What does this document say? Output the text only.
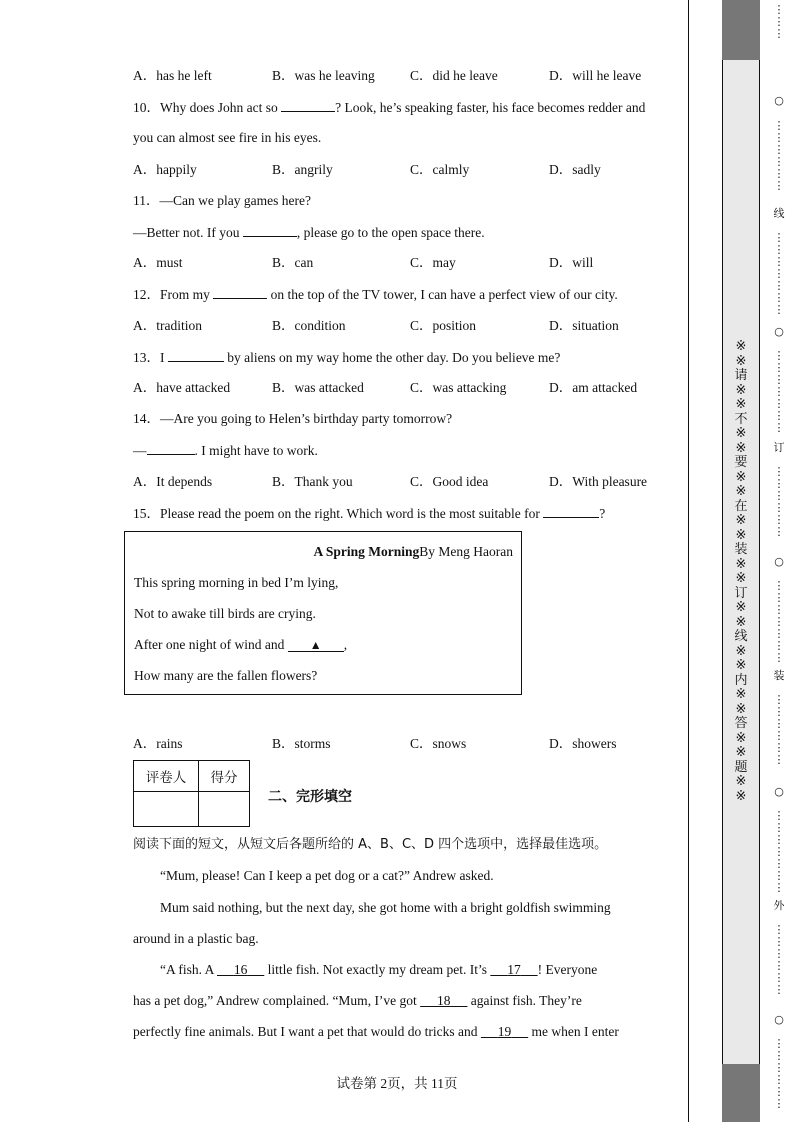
A．has he left	B．was he leaving	C．did he leave	D．will he leave
10．Why does John act so	? Look, he’s speaking faster, his face becomes redder and
you can almost see fire in his eyes.
A．happily	B．angrily	C．calmly	D．sadly
11．—Can we play games here?
—Better not. If you	, please go to the open space there.
A．must	B．can	C．may	D．will
12．From my	on the top of the TV tower, I can have a perfect view of our city.
A．tradition	B．condition	C．position	D．situation
13．I	by aliens on my way home the other day. Do you believe me?
A．have attacked	B．was attacked	C．was attacking	D．am attacked
14．—Are you going to Helen’s birthday party tomorrow?
—	. I might have to work.
A．It depends	B．Thank you	C．Good idea	D．With pleasure
15．Please read the poem on the right. Which word is the most suitable for	?
A Spring MorningBy Meng Haoran
This spring morning in bed I’m lying,
Not to awake till birds are crying.
After one night of wind and ▲ ,
How many are the fallen flowers?
A．rains	B．storms	C．snows	D．showers
评卷人	得分

二、完形填空
阅读下面的短文，从短文后各题所给的 A、B、C、D 四个选项中，选择最佳选项。
“Mum, please! Can I keep a pet dog or a cat?” Andrew asked.
Mum said nothing, but the next day, she got home with a bright goldfish swimming
around in a plastic bag.
“A fish. A      16      little fish. Not exactly my dream pet. It’s      17 ! Everyone
has a pet dog,” Andrew complained. “Mum, I’ve got      18      against fish. They’re
perfectly fine animals. But I want a pet that would do tricks and      19      me when I enter
试卷第 2页，共 11页
※※请※※不※※要※※在※※装※※订※※线※※内※※答※※题※※
⋮
⋮
⋮
○
⋮
⋮
⋮
⋮
⋮
⋮
线
⋮
⋮
⋮
⋮
⋮
⋮
⋮
○
⋮
⋮
⋮
⋮
⋮
⋮
⋮
订
⋮
⋮
⋮
⋮
⋮
⋮
○
⋮
⋮
⋮
⋮
⋮
⋮
⋮
装
⋮
⋮
⋮
⋮
⋮
⋮
○
⋮
⋮
⋮
⋮
⋮
⋮
⋮
外
⋮
⋮
⋮
⋮
⋮
⋮
○
⋮
⋮
⋮
⋮
⋮
⋮
